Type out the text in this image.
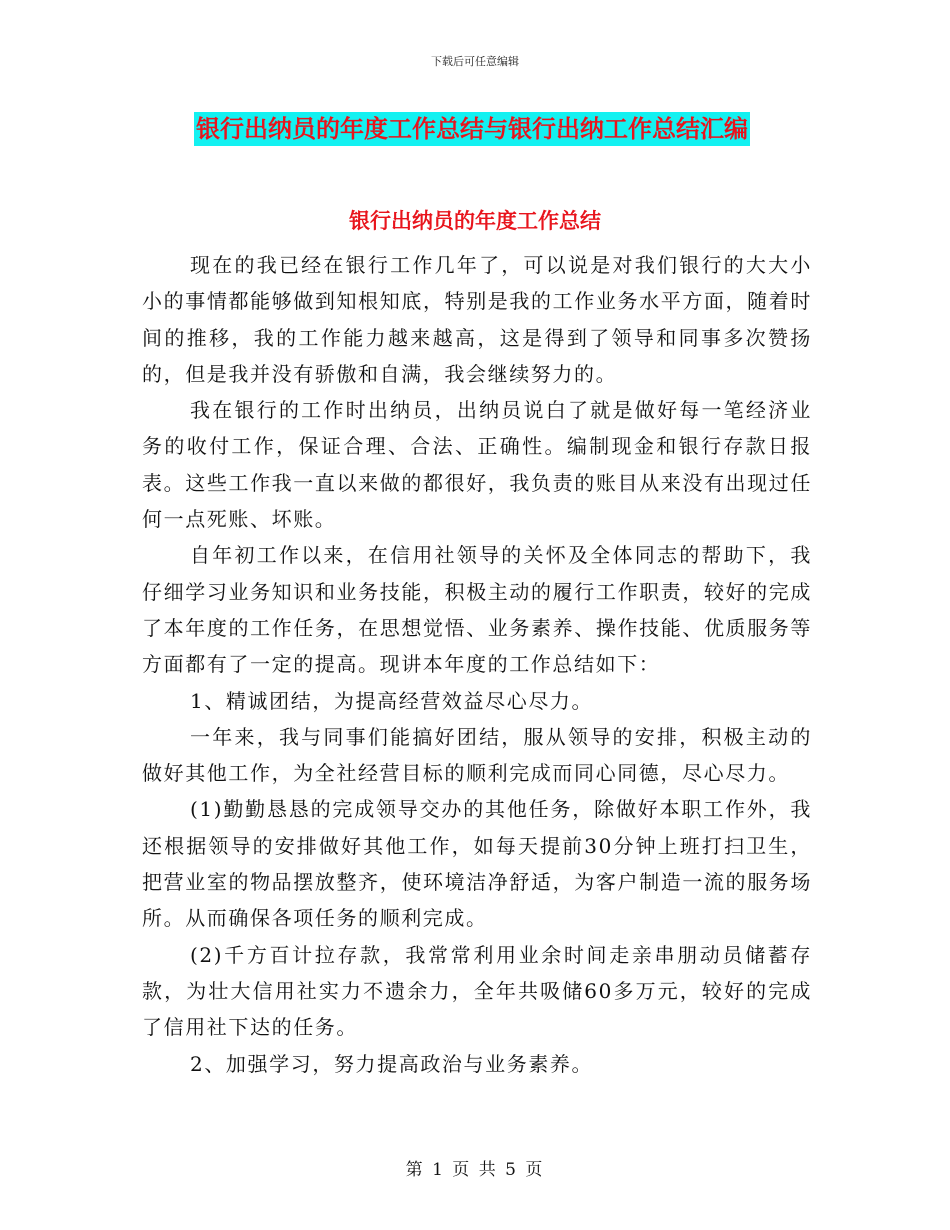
下载后可任意编辑
银行出纳员的年度工作总结与银行出纳工作总结汇编
银行出纳员的年度工作总结

现在的我已经在银行工作几年了，可以说是对我们银行的大大小小的事情都能够做到知根知底，特别是我的工作业务水平方面，随着时间的推移，我的工作能力越来越高，这是得到了领导和同事多次赞扬的，但是我并没有骄傲和自满，我会继续努力的。

我在银行的工作时出纳员，出纳员说白了就是做好每一笔经济业务的收付工作，保证合理、合法、正确性。编制现金和银行存款日报表。这些工作我一直以来做的都很好，我负责的账目从来没有出现过任何一点死账、坏账。

自年初工作以来，在信用社领导的关怀及全体同志的帮助下，我仔细学习业务知识和业务技能，积极主动的履行工作职责，较好的完成了本年度的工作任务，在思想觉悟、业务素养、操作技能、优质服务等方面都有了一定的提高。现讲本年度的工作总结如下：

1、精诚团结，为提高经营效益尽心尽力。

一年来，我与同事们能搞好团结，服从领导的安排，积极主动的做好其他工作，为全社经营目标的顺利完成而同心同德，尽心尽力。

(1)勤勤恳恳的完成领导交办的其他任务，除做好本职工作外，我还根据领导的安排做好其他工作，如每天提前30分钟上班打扫卫生，把营业室的物品摆放整齐，使环境洁净舒适，为客户制造一流的服务场所。从而确保各项任务的顺利完成。

(2)千方百计拉存款，我常常利用业余时间走亲串朋动员储蓄存款，为壮大信用社实力不遗余力，全年共吸储60多万元，较好的完成了信用社下达的任务。

2、加强学习，努力提高政治与业务素养。

第 1 页 共 5 页
